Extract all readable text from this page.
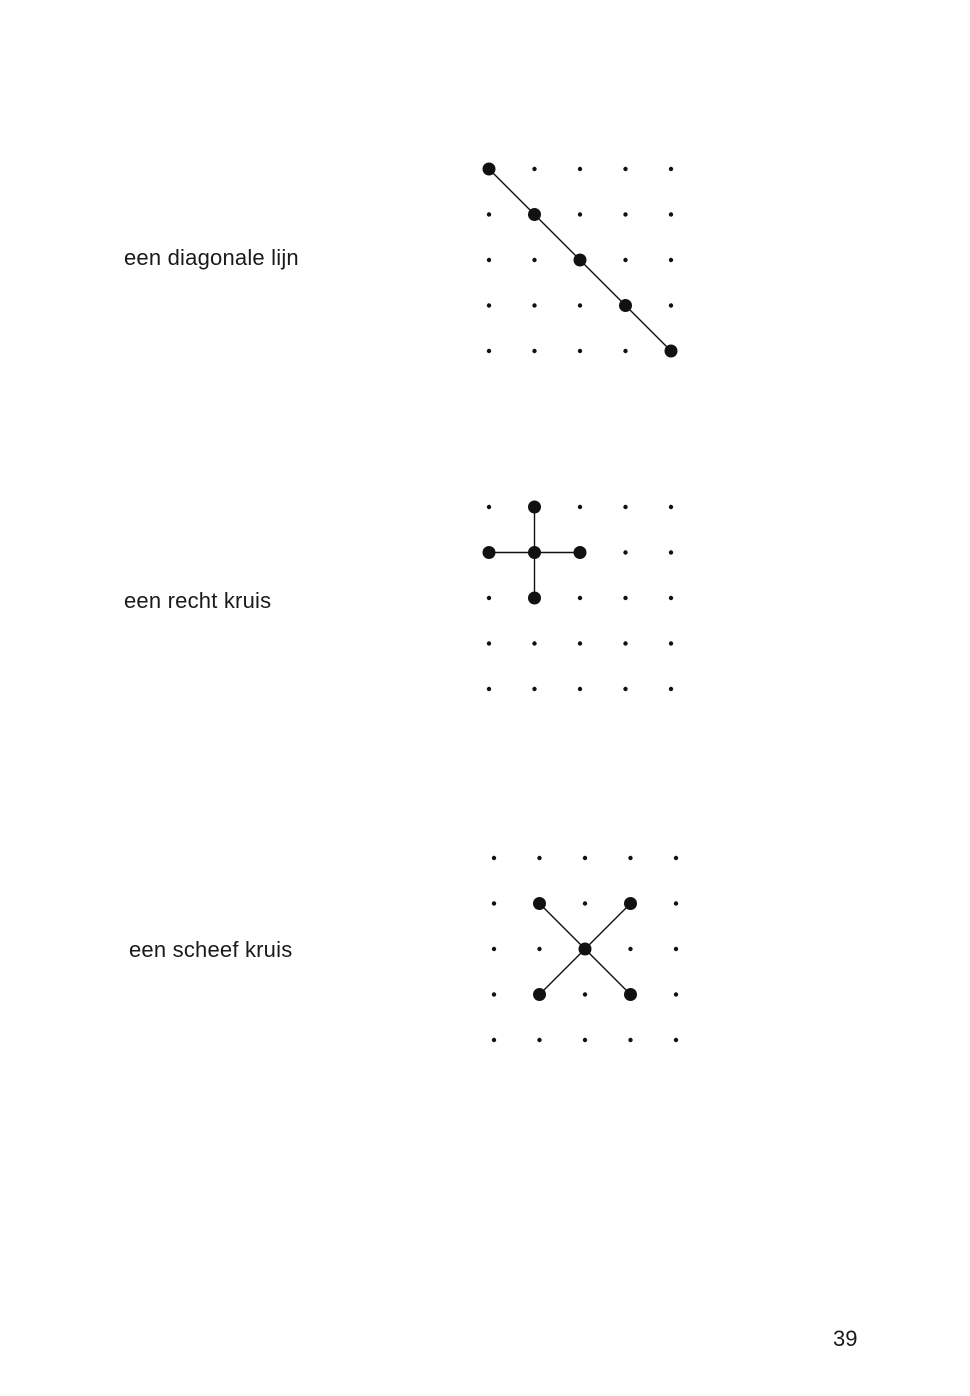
een diagonale lijn
een recht kruis
een scheef kruis
39
